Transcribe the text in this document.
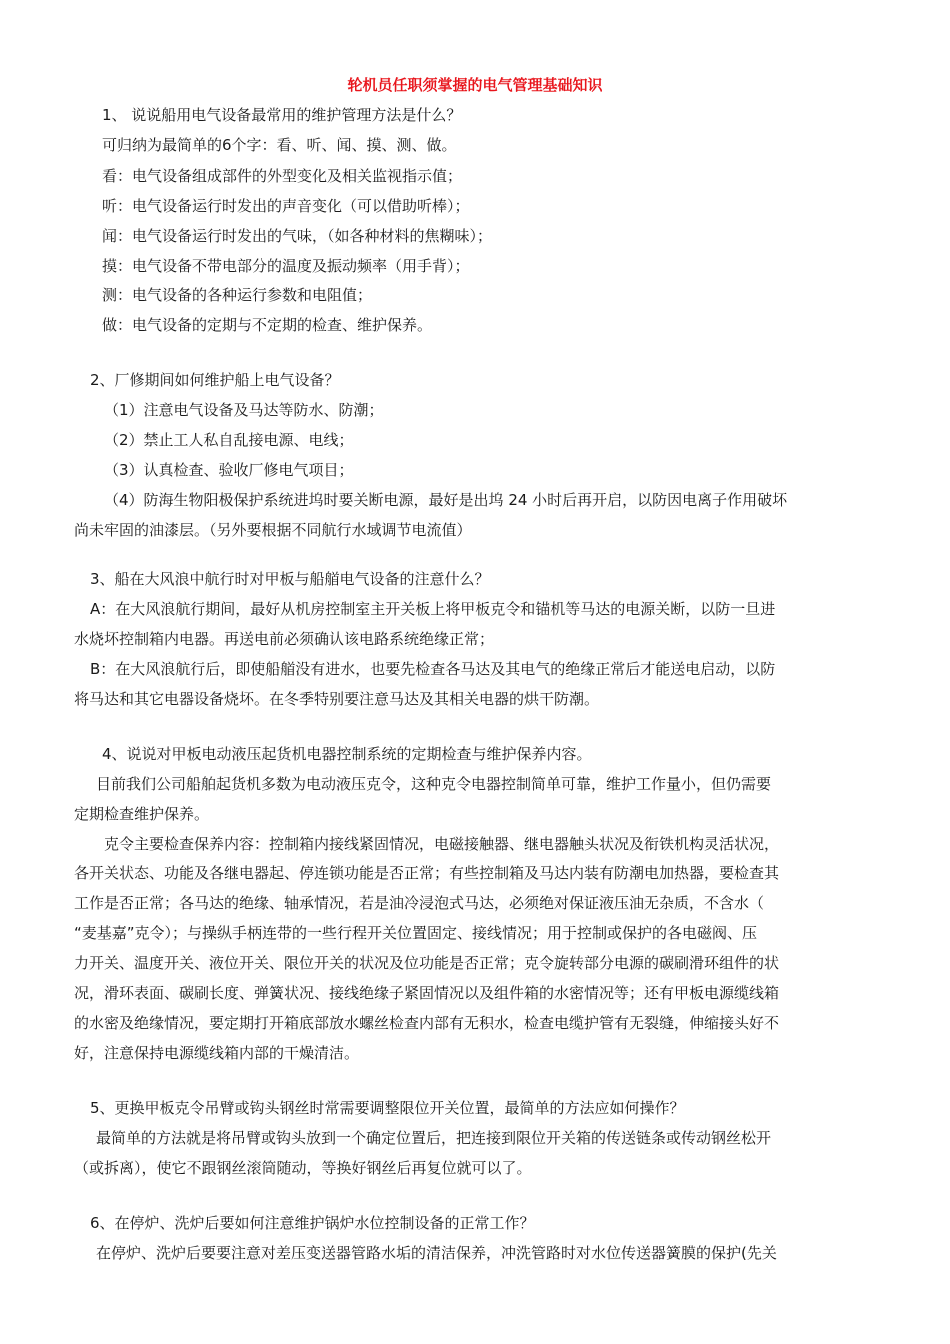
轮机员任职须掌握的电气管理基础知识
1、 说说船用电气设备最常用的维护管理方法是什么？
可归纳为最简单的6个字：看、听、闻、摸、测、做。
看：电气设备组成部件的外型变化及相关监视指示值；
听：电气设备运行时发出的声音变化（可以借助听棒）；
闻：电气设备运行时发出的气味，（如各种材料的焦糊味）；
摸：电气设备不带电部分的温度及振动频率（用手背）；
测：电气设备的各种运行参数和电阻值；
做：电气设备的定期与不定期的检查、维护保养。
2、厂修期间如何维护船上电气设备？
（1）注意电气设备及马达等防水、防潮；
（2）禁止工人私自乱接电源、电线；
（3）认真检查、验收厂修电气项目；
（4）防海生物阳极保护系统进坞时要关断电源，最好是出坞 24 小时后再开启，以防因电离子作用破坏
尚未牢固的油漆层。（另外要根据不同航行水域调节电流值）
3、船在大风浪中航行时对甲板与船艏电气设备的注意什么？
A：在大风浪航行期间，最好从机房控制室主开关板上将甲板克令和锚机等马达的电源关断，以防一旦进
水烧坏控制箱内电器。再送电前必须确认该电路系统绝缘正常；
B：在大风浪航行后，即使船艏没有进水，也要先检查各马达及其电气的绝缘正常后才能送电启动，以防
将马达和其它电器设备烧坏。在冬季特别要注意马达及其相关电器的烘干防潮。
4、说说对甲板电动液压起货机电器控制系统的定期检查与维护保养内容。
目前我们公司船舶起货机多数为电动液压克令，这种克令电器控制简单可靠，维护工作量小，但仍需要
定期检查维护保养。
克令主要检查保养内容：控制箱内接线紧固情况，电磁接触器、继电器触头状况及衔铁机构灵活状况，
各开关状态、功能及各继电器起、停连锁功能是否正常；有些控制箱及马达内装有防潮电加热器，要检查其
工作是否正常；各马达的绝缘、轴承情况，若是油冷浸泡式马达，必须绝对保证液压油无杂质，不含水（
“麦基嘉”克令）；与操纵手柄连带的一些行程开关位置固定、接线情况；用于控制或保护的各电磁阀、压
力开关、温度开关、液位开关、限位开关的状况及位功能是否正常；克令旋转部分电源的碳刷滑环组件的状
况，滑环表面、碳刷长度、弹簧状况、接线绝缘子紧固情况以及组件箱的水密情况等；还有甲板电源缆线箱
的水密及绝缘情况，要定期打开箱底部放水螺丝检查内部有无积水，检查电缆护管有无裂缝，伸缩接头好不
好，注意保持电源缆线箱内部的干燥清洁。
5、更换甲板克令吊臂或钩头钢丝时常需要调整限位开关位置，最简单的方法应如何操作？
最简单的方法就是将吊臂或钩头放到一个确定位置后，把连接到限位开关箱的传送链条或传动钢丝松开
（或拆离），使它不跟钢丝滚筒随动，等换好钢丝后再复位就可以了。
6、在停炉、洗炉后要如何注意维护锅炉水位控制设备的正常工作？
在停炉、洗炉后要要注意对差压变送器管路水垢的清洁保养，冲洗管路时对水位传送器簧膜的保护(先关
